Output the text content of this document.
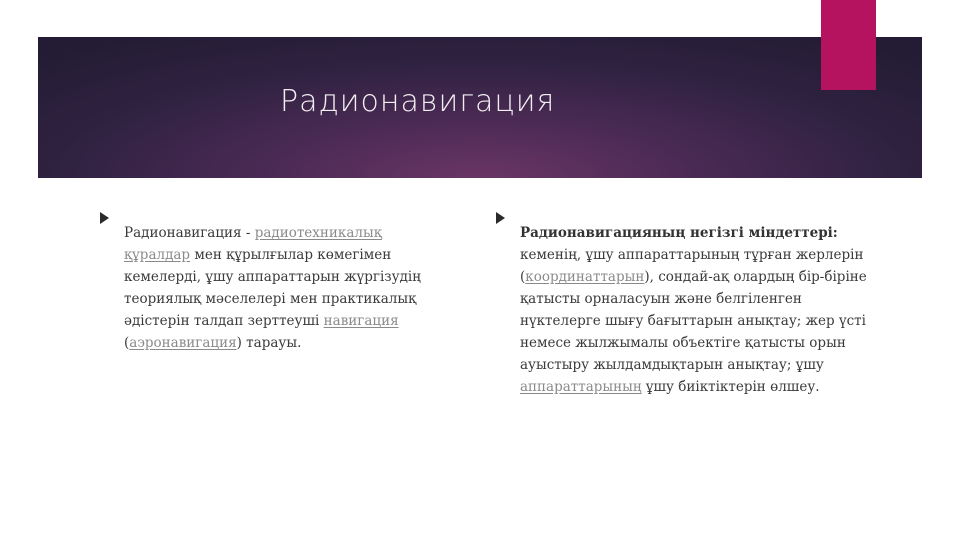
Радионавигация

Радионавигация - радиотехникалық құралдар мен құрылғылар көмегімен кемелерді, ұшу аппараттарын жүргізудің теориялық мәселелері мен практикалық әдістерін талдап зерттеуші навигация (аэронавигация) тарауы.

Радионавигацияның негізгі міндеттері: кеменің, ұшу аппараттарының тұрған жерлерін (координаттарын), сондай-ақ олардың бір-біріне қатысты орналасуын және белгіленген нүктелерге шығу бағыттарын анықтау; жер үсті немесе жылжымалы объектіге қатысты орын ауыстыру жылдамдықтарын анықтау; ұшу аппараттарының ұшу биіктіктерін өлшеу.
